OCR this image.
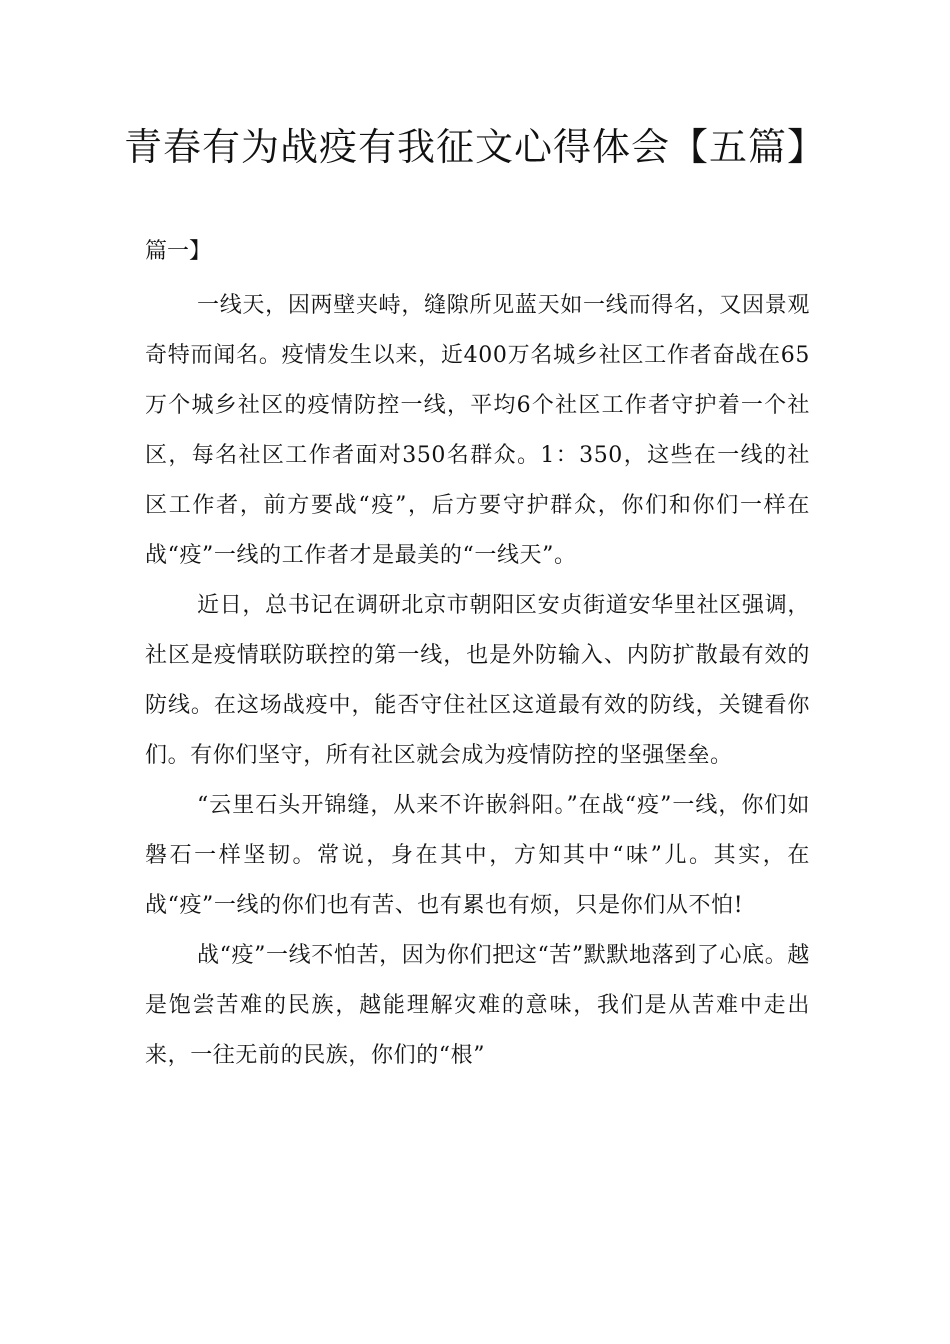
青春有为战疫有我征文心得体会【五篇】
篇一】

一线天，因两壁夹峙，缝隙所见蓝天如一线而得名，又因景观奇特而闻名。疫情发生以来，近400万名城乡社区工作者奋战在65万个城乡社区的疫情防控一线，平均6个社区工作者守护着一个社区，每名社区工作者面对350名群众。1：350，这些在一线的社区工作者，前方要战“疫”，后方要守护群众，你们和你们一样在战“疫”一线的工作者才是最美的“一线天”。

近日，总书记在调研北京市朝阳区安贞街道安华里社区强调，社区是疫情联防联控的第一线，也是外防输入、内防扩散最有效的防线。在这场战疫中，能否守住社区这道最有效的防线，关键看你们。有你们坚守，所有社区就会成为疫情防控的坚强堡垒。

“云里石头开锦缝，从来不许嵌斜阳。”在战“疫”一线，你们如磐石一样坚韧。常说，身在其中，方知其中“味”儿。其实，在战“疫”一线的你们也有苦、也有累也有烦，只是你们从不怕!

战“疫”一线不怕苦，因为你们把这“苦”默默地落到了心底。越是饱尝苦难的民族，越能理解灾难的意味，我们是从苦难中走出来，一往无前的民族，你们的“根”
